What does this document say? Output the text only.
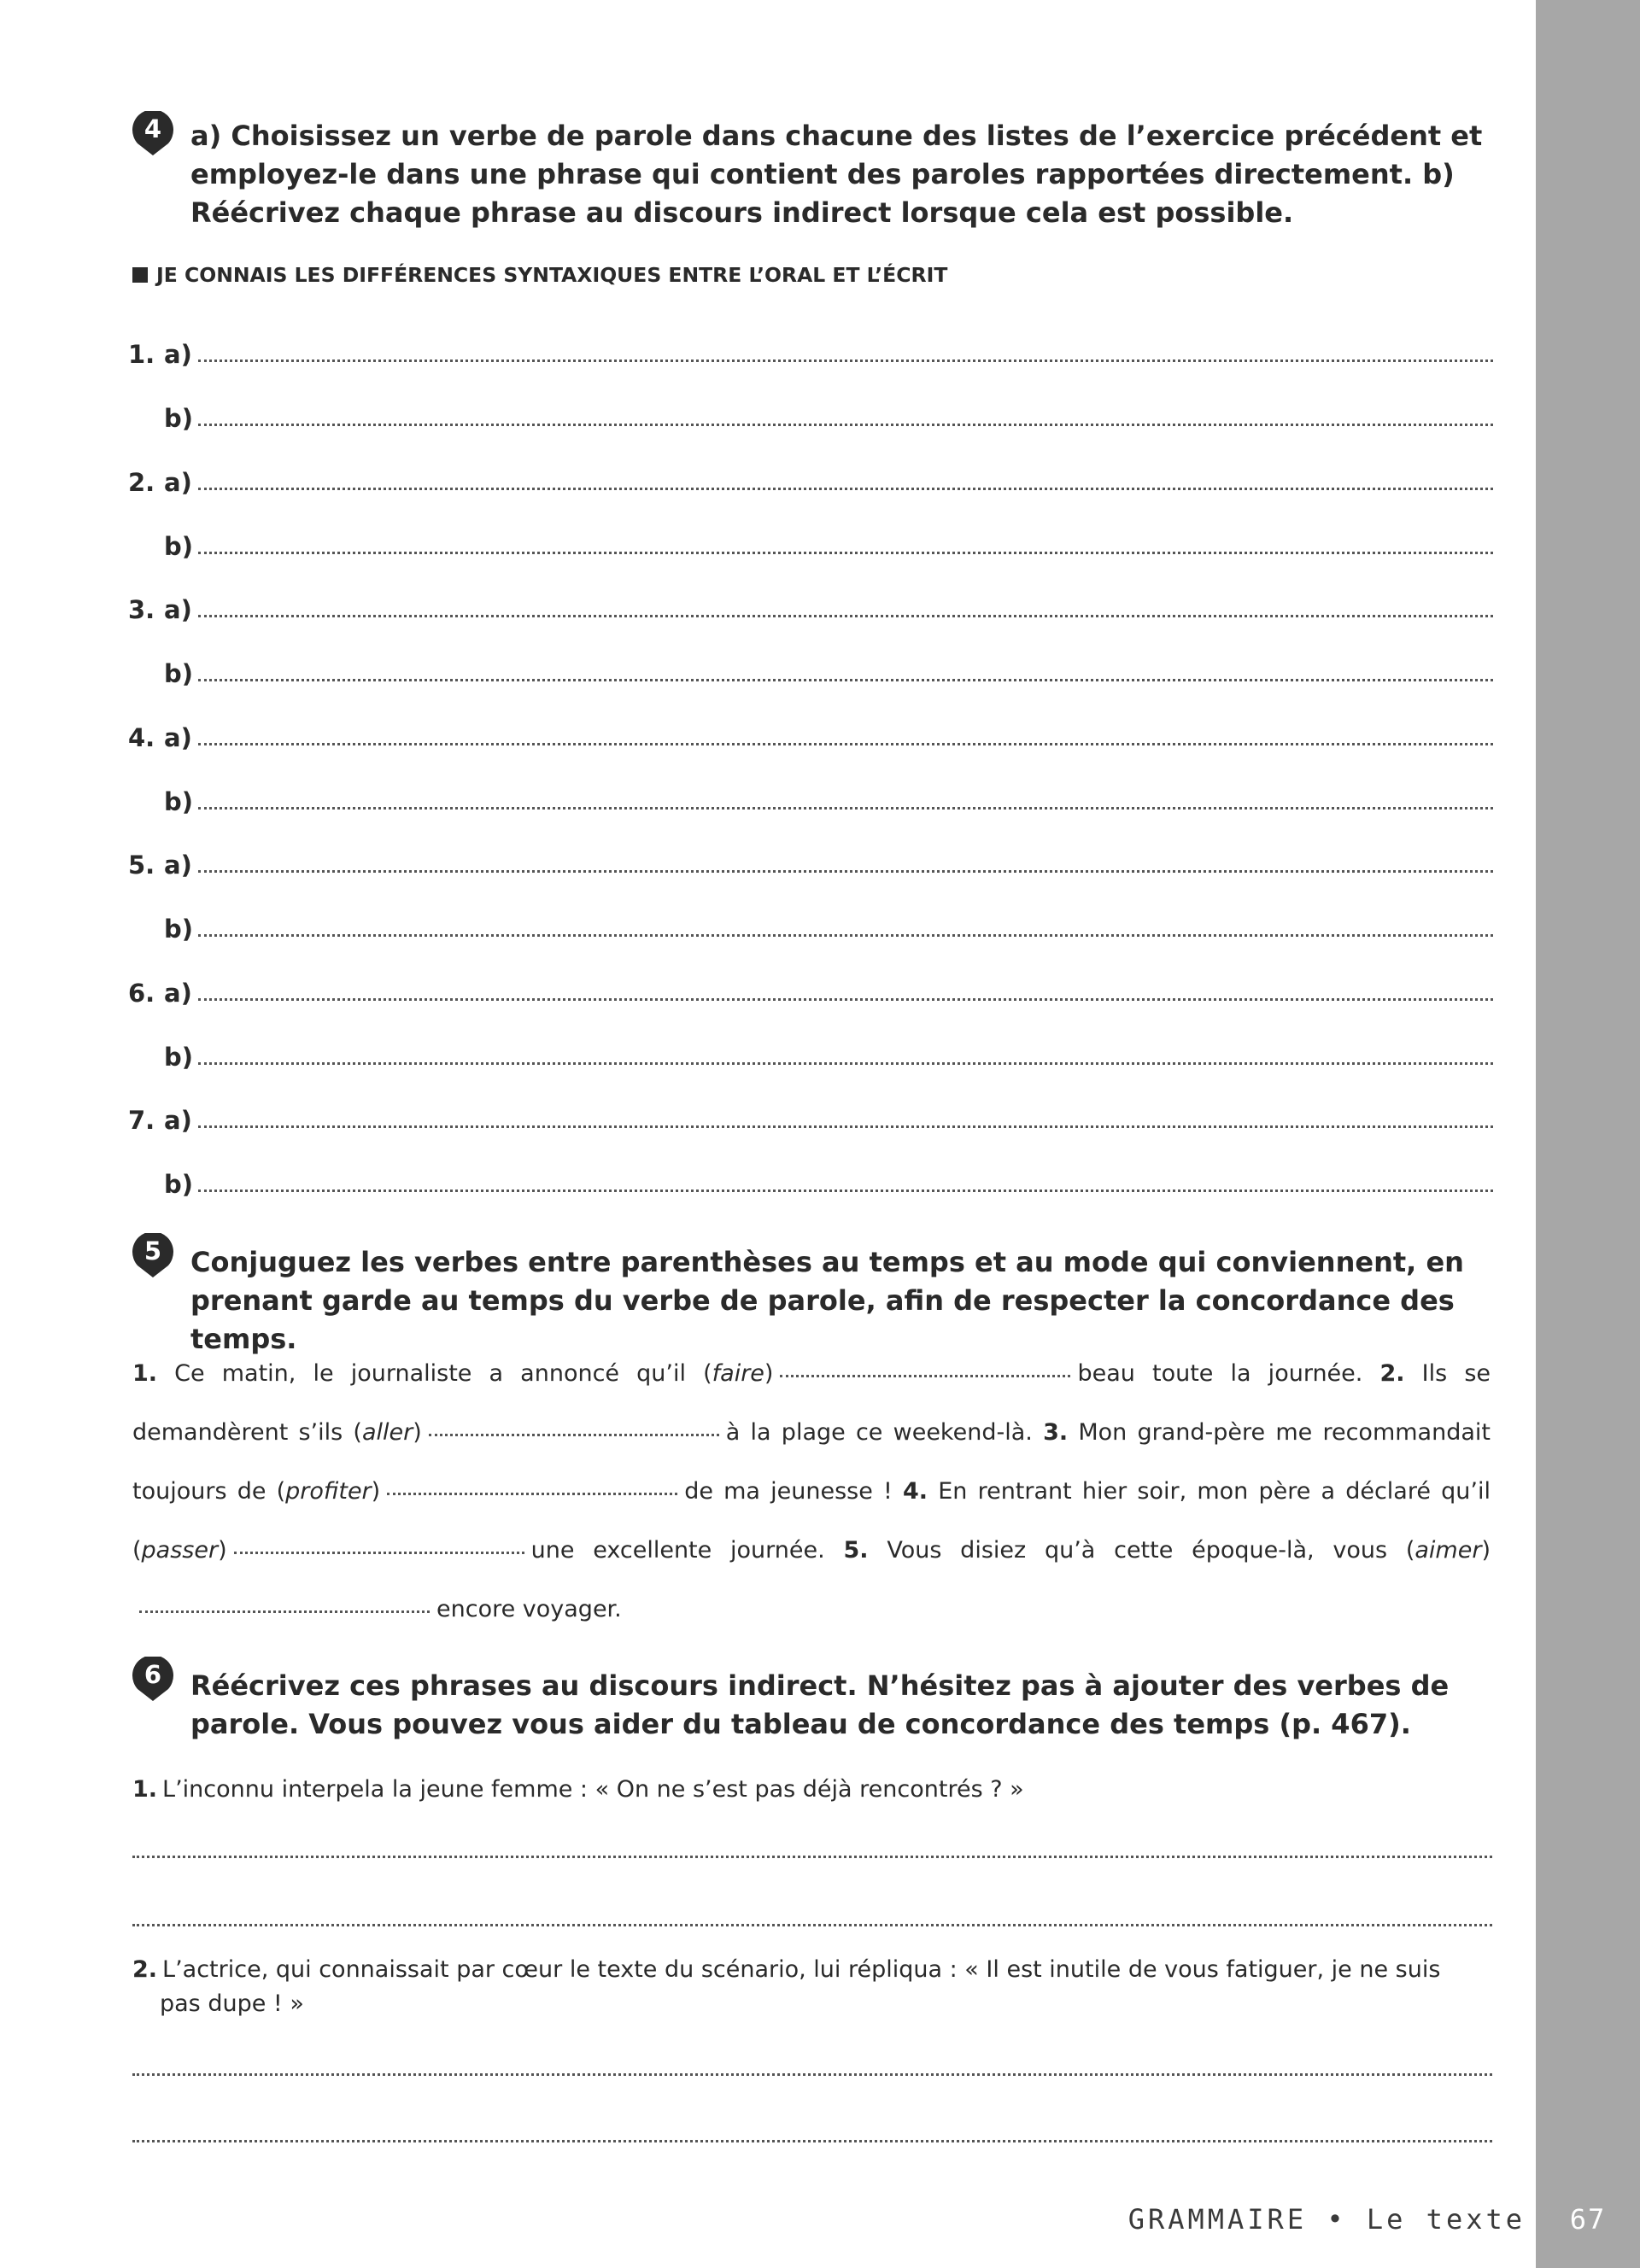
67
GRAMMAIRE • Le texte
4	a) Choisissez un verbe de parole dans chacune des listes de l’exercice précédent et employez-le dans une phrase qui contient des paroles rapportées directement. b) Réécrivez chaque phrase au discours indirect lorsque cela est possible.
JE CONNAIS LES DIFFÉRENCES SYNTAXIQUES ENTRE L’ORAL ET L’ÉCRIT
1. a)
b)
2. a)
b)
3. a)
b)
4. a)
b)
5. a)
b)
6. a)
b)
7. a)
b)
5	Conjuguez les verbes entre parenthèses au temps et au mode qui conviennent, en prenant garde au temps du verbe de parole, afin de respecter la concordance des temps.
1. Ce matin, le journaliste a annoncé qu’il (faire)	beau toute la journée. 2. Ils se demandèrent s’ils (aller)	à la plage ce weekend-là. 3. Mon grand-père me recommandait toujours de (profiter)	de ma jeunesse ! 4. En rentrant hier soir, mon père a déclaré qu’il (passer)	une excellente journée. 5. Vous disiez qu’à cette époque-là, vous (aimer)encore voyager.
6	Réécrivez ces phrases au discours indirect. N’hésitez pas à ajouter des verbes de parole. Vous pouvez vous aider du tableau de concordance des temps (p. 467).
1. L’inconnu interpela la jeune femme : « On ne s’est pas déjà rencontrés ? »
2. L’actrice, qui connaissait par cœur le texte du scénario, lui répliqua : « Il est inutile de vous fatiguer, je ne suis
pas dupe ! »
